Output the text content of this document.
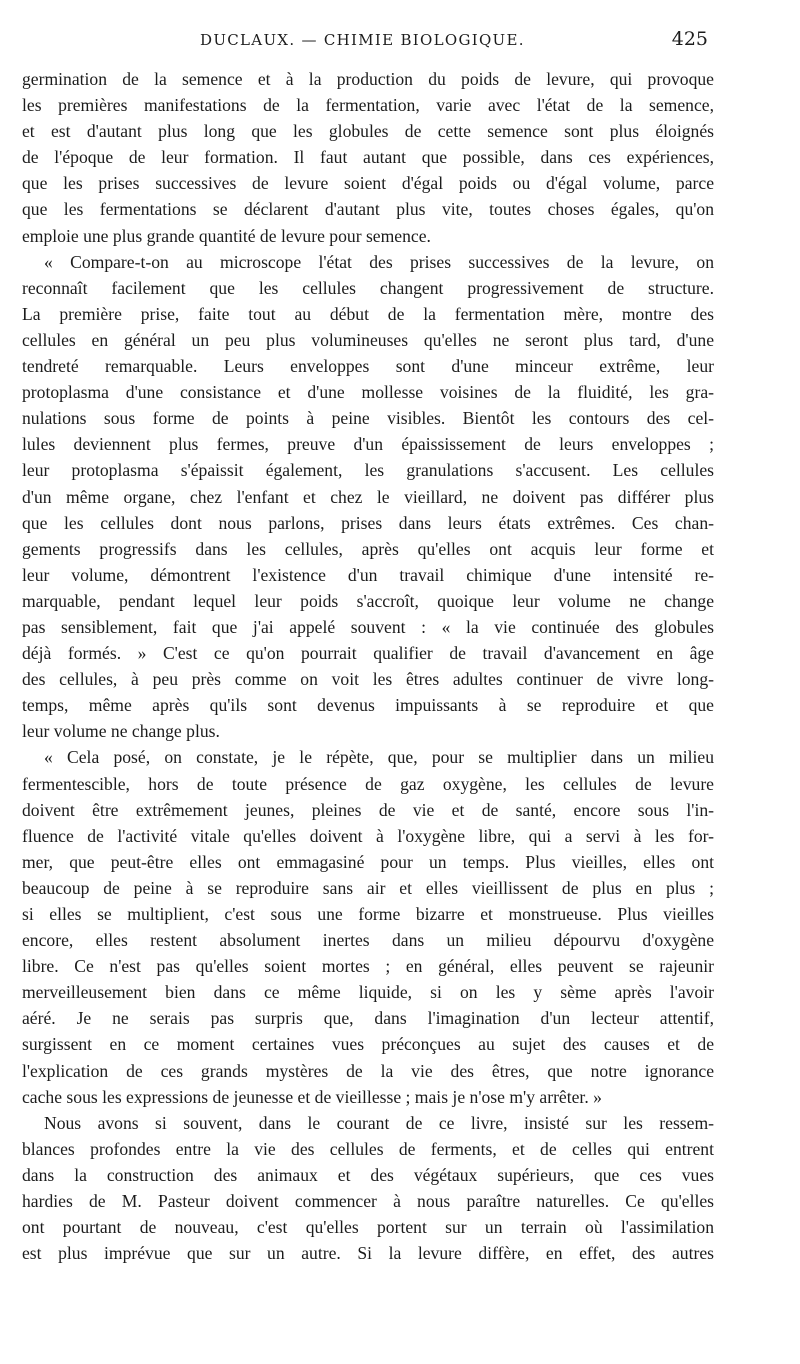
DUCLAUX. — CHIMIE BIOLOGIQUE.	425
germination de la semence et à la production du poids de levure, qui provoque
les premières manifestations de la fermentation, varie avec l'état de la semence,
et est d'autant plus long que les globules de cette semence sont plus éloignés
de l'époque de leur formation. Il faut autant que possible, dans ces expériences,
que les prises successives de levure soient d'égal poids ou d'égal volume, parce
que les fermentations se déclarent d'autant plus vite, toutes choses égales, qu'on
emploie une plus grande quantité de levure pour semence.
« Compare-t-on au microscope l'état des prises successives de la levure, on
reconnaît facilement que les cellules changent progressivement de structure.
La première prise, faite tout au début de la fermentation mère, montre des
cellules en général un peu plus volumineuses qu'elles ne seront plus tard, d'une
tendreté remarquable. Leurs enveloppes sont d'une minceur extrême, leur
protoplasma d'une consistance et d'une mollesse voisines de la fluidité, les gra-
nulations sous forme de points à peine visibles. Bientôt les contours des cel-
lules deviennent plus fermes, preuve d'un épaississement de leurs enveloppes ;
leur protoplasma s'épaissit également, les granulations s'accusent. Les cellules
d'un même organe, chez l'enfant et chez le vieillard, ne doivent pas différer plus
que les cellules dont nous parlons, prises dans leurs états extrêmes. Ces chan-
gements progressifs dans les cellules, après qu'elles ont acquis leur forme et
leur volume, démontrent l'existence d'un travail chimique d'une intensité re-
marquable, pendant lequel leur poids s'accroît, quoique leur volume ne change
pas sensiblement, fait que j'ai appelé souvent : « la vie continuée des globules
déjà formés. » C'est ce qu'on pourrait qualifier de travail d'avancement en âge
des cellules, à peu près comme on voit les êtres adultes continuer de vivre long-
temps, même après qu'ils sont devenus impuissants à se reproduire et que
leur volume ne change plus.
« Cela posé, on constate, je le répète, que, pour se multiplier dans un milieu
fermentescible, hors de toute présence de gaz oxygène, les cellules de levure
doivent être extrêmement jeunes, pleines de vie et de santé, encore sous l'in-
fluence de l'activité vitale qu'elles doivent à l'oxygène libre, qui a servi à les for-
mer, que peut-être elles ont emmagasiné pour un temps. Plus vieilles, elles ont
beaucoup de peine à se reproduire sans air et elles vieillissent de plus en plus ;
si elles se multiplient, c'est sous une forme bizarre et monstrueuse. Plus vieilles
encore, elles restent absolument inertes dans un milieu dépourvu d'oxygène
libre. Ce n'est pas qu'elles soient mortes ; en général, elles peuvent se rajeunir
merveilleusement bien dans ce même liquide, si on les y sème après l'avoir
aéré. Je ne serais pas surpris que, dans l'imagination d'un lecteur attentif,
surgissent en ce moment certaines vues préconçues au sujet des causes et de
l'explication de ces grands mystères de la vie des êtres, que notre ignorance
cache sous les expressions de jeunesse et de vieillesse ; mais je n'ose m'y arrêter. »
Nous avons si souvent, dans le courant de ce livre, insisté sur les ressem-
blances profondes entre la vie des cellules de ferments, et de celles qui entrent
dans la construction des animaux et des végétaux supérieurs, que ces vues
hardies de M. Pasteur doivent commencer à nous paraître naturelles. Ce qu'elles
ont pourtant de nouveau, c'est qu'elles portent sur un terrain où l'assimilation
est plus imprévue que sur un autre. Si la levure diffère, en effet, des autres
